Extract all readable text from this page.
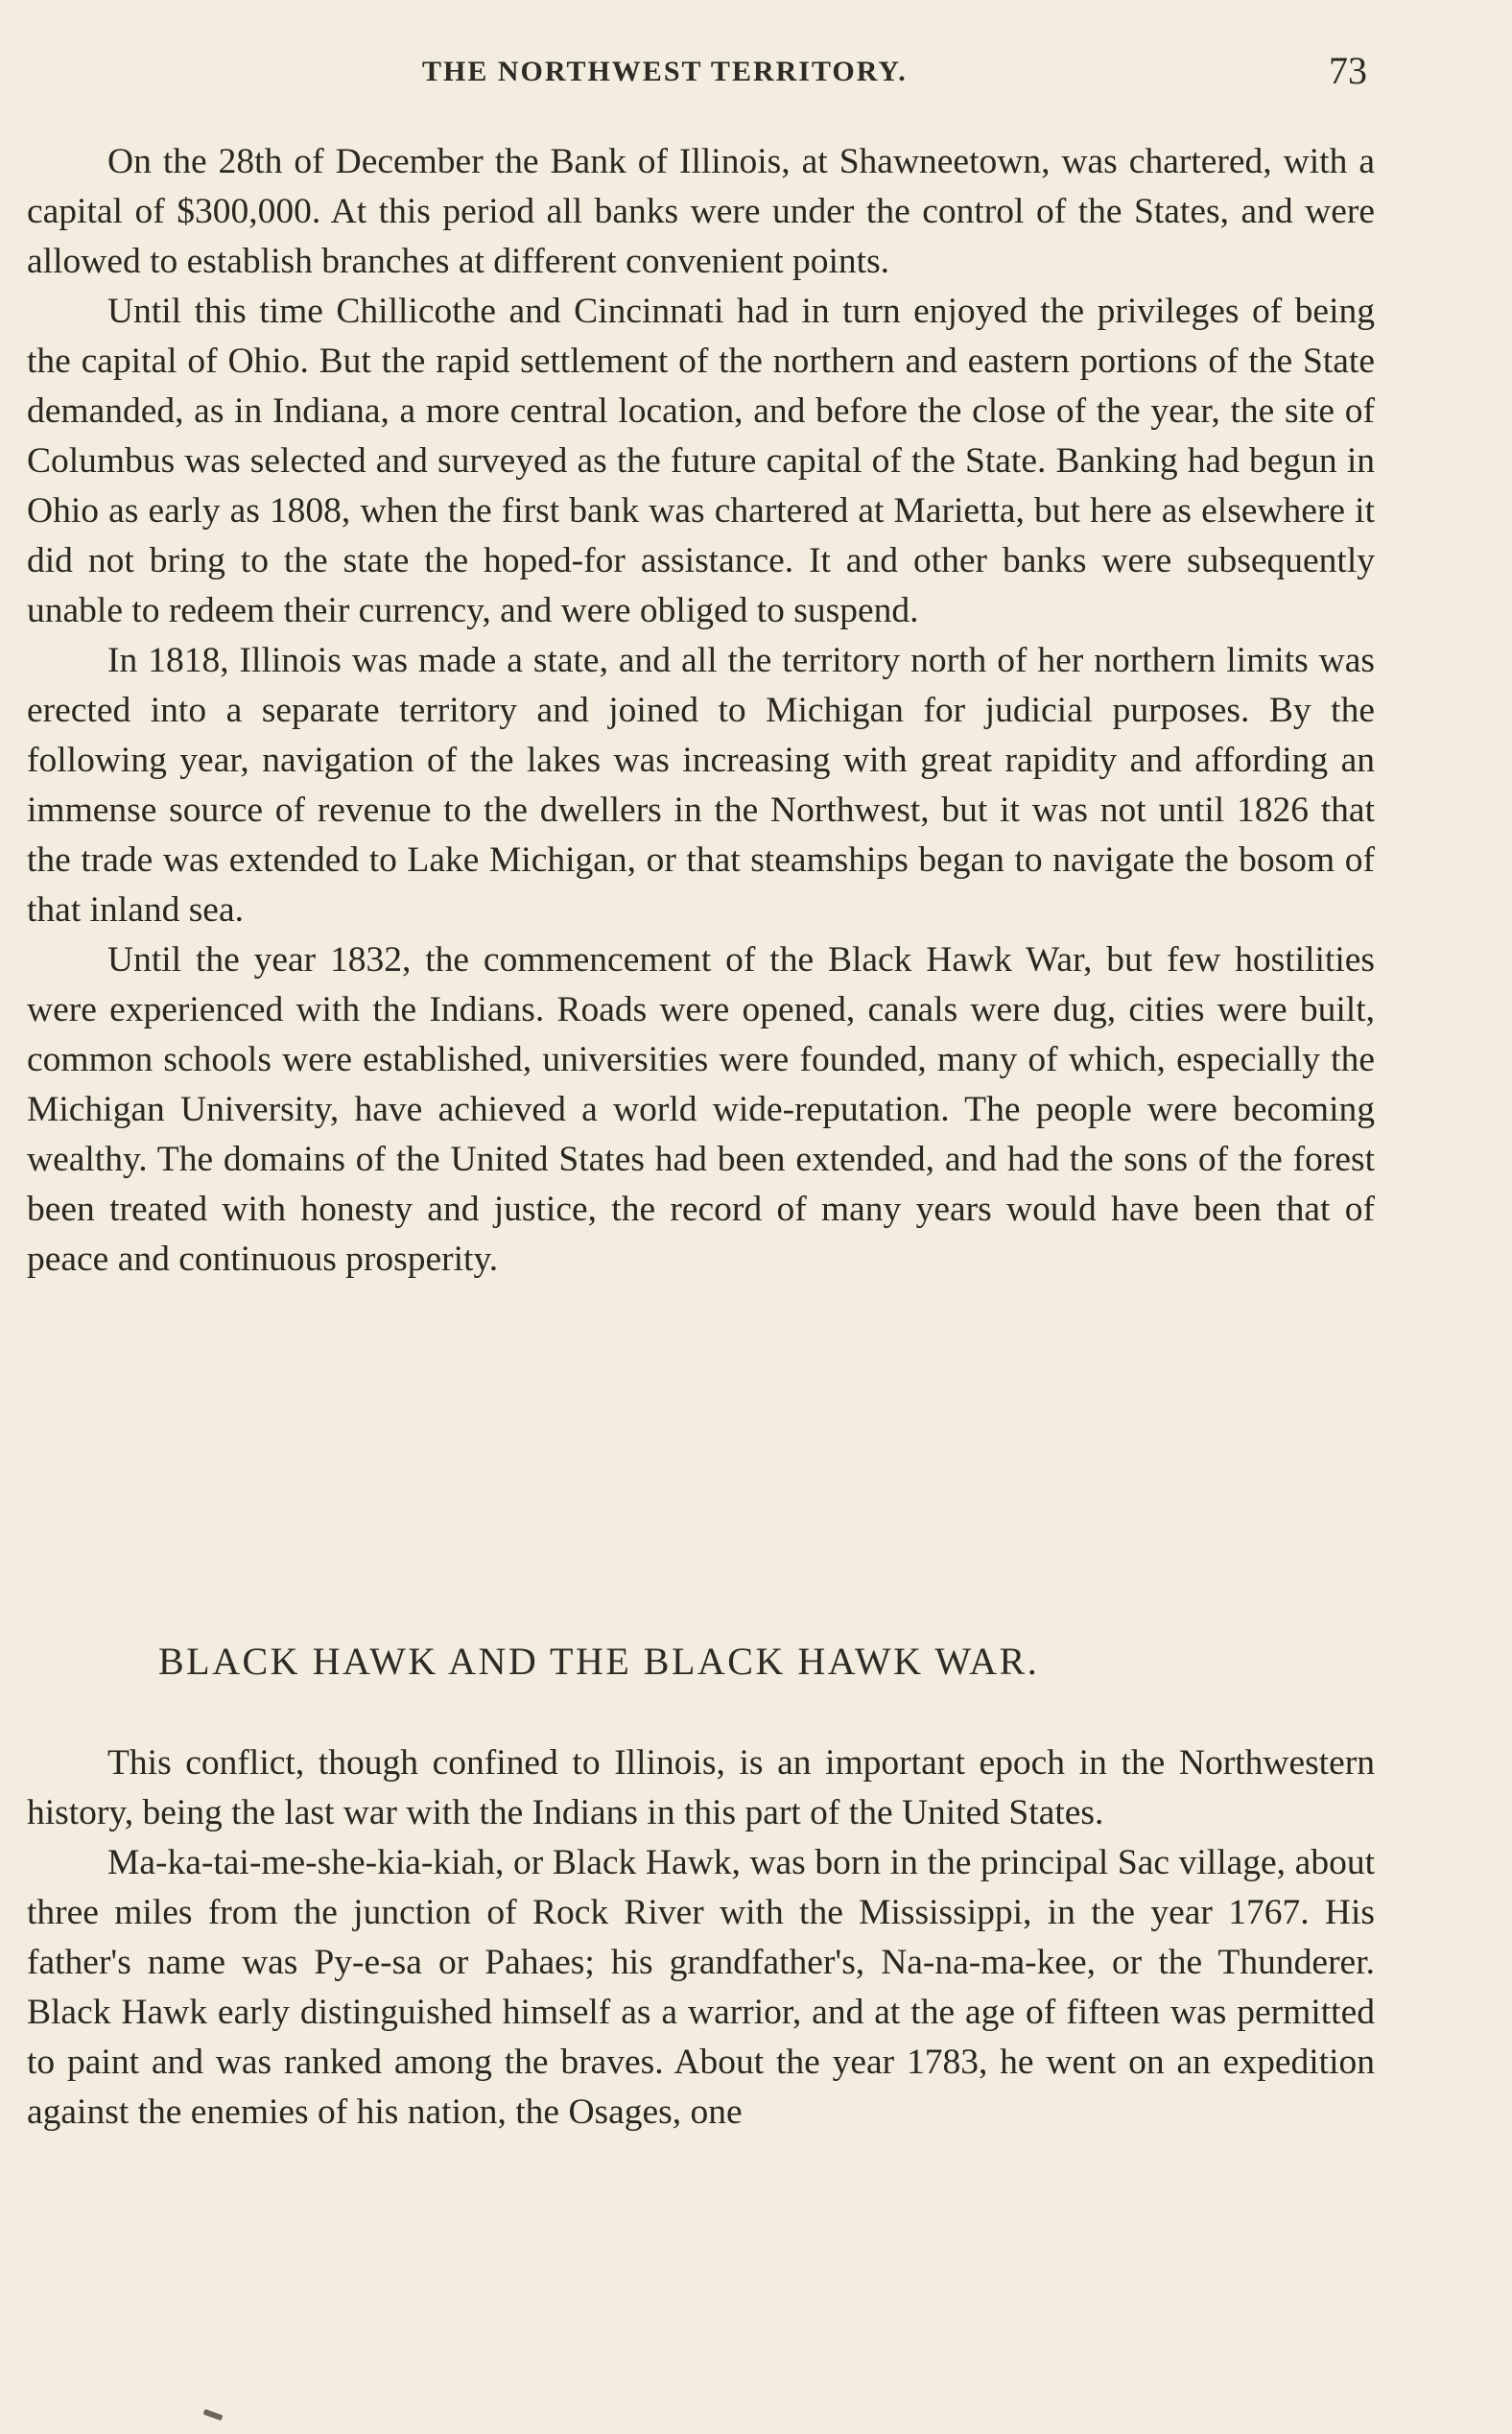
THE NORTHWEST TERRITORY.	73

On the 28th of December the Bank of Illinois, at Shawneetown, was chartered, with a capital of $300,000. At this period all banks were under the control of the States, and were allowed to establish branches at different convenient points.

Until this time Chillicothe and Cincinnati had in turn enjoyed the privileges of being the capital of Ohio. But the rapid settlement of the northern and eastern portions of the State demanded, as in Indiana, a more central location, and before the close of the year, the site of Columbus was selected and surveyed as the future capital of the State. Banking had begun in Ohio as early as 1808, when the first bank was chartered at Marietta, but here as elsewhere it did not bring to the state the hoped-for assistance. It and other banks were subsequently unable to redeem their currency, and were obliged to suspend.

In 1818, Illinois was made a state, and all the territory north of her northern limits was erected into a separate territory and joined to Michigan for judicial purposes. By the following year, navigation of the lakes was increasing with great rapidity and affording an immense source of revenue to the dwellers in the Northwest, but it was not until 1826 that the trade was extended to Lake Michigan, or that steamships began to navigate the bosom of that inland sea.

Until the year 1832, the commencement of the Black Hawk War, but few hostilities were experienced with the Indians. Roads were opened, canals were dug, cities were built, common schools were established, universities were founded, many of which, especially the Michigan University, have achieved a world wide-reputation. The people were becoming wealthy. The domains of the United States had been extended, and had the sons of the forest been treated with honesty and justice, the record of many years would have been that of peace and continuous prosperity.

BLACK HAWK AND THE BLACK HAWK WAR.

This conflict, though confined to Illinois, is an important epoch in the Northwestern history, being the last war with the Indians in this part of the United States.

Ma-ka-tai-me-she-kia-kiah, or Black Hawk, was born in the principal Sac village, about three miles from the junction of Rock River with the Mississippi, in the year 1767. His father's name was Py-e-sa or Pahaes; his grandfather's, Na-na-ma-kee, or the Thunderer. Black Hawk early distinguished himself as a warrior, and at the age of fifteen was permitted to paint and was ranked among the braves. About the year 1783, he went on an expedition against the enemies of his nation, the Osages, one
